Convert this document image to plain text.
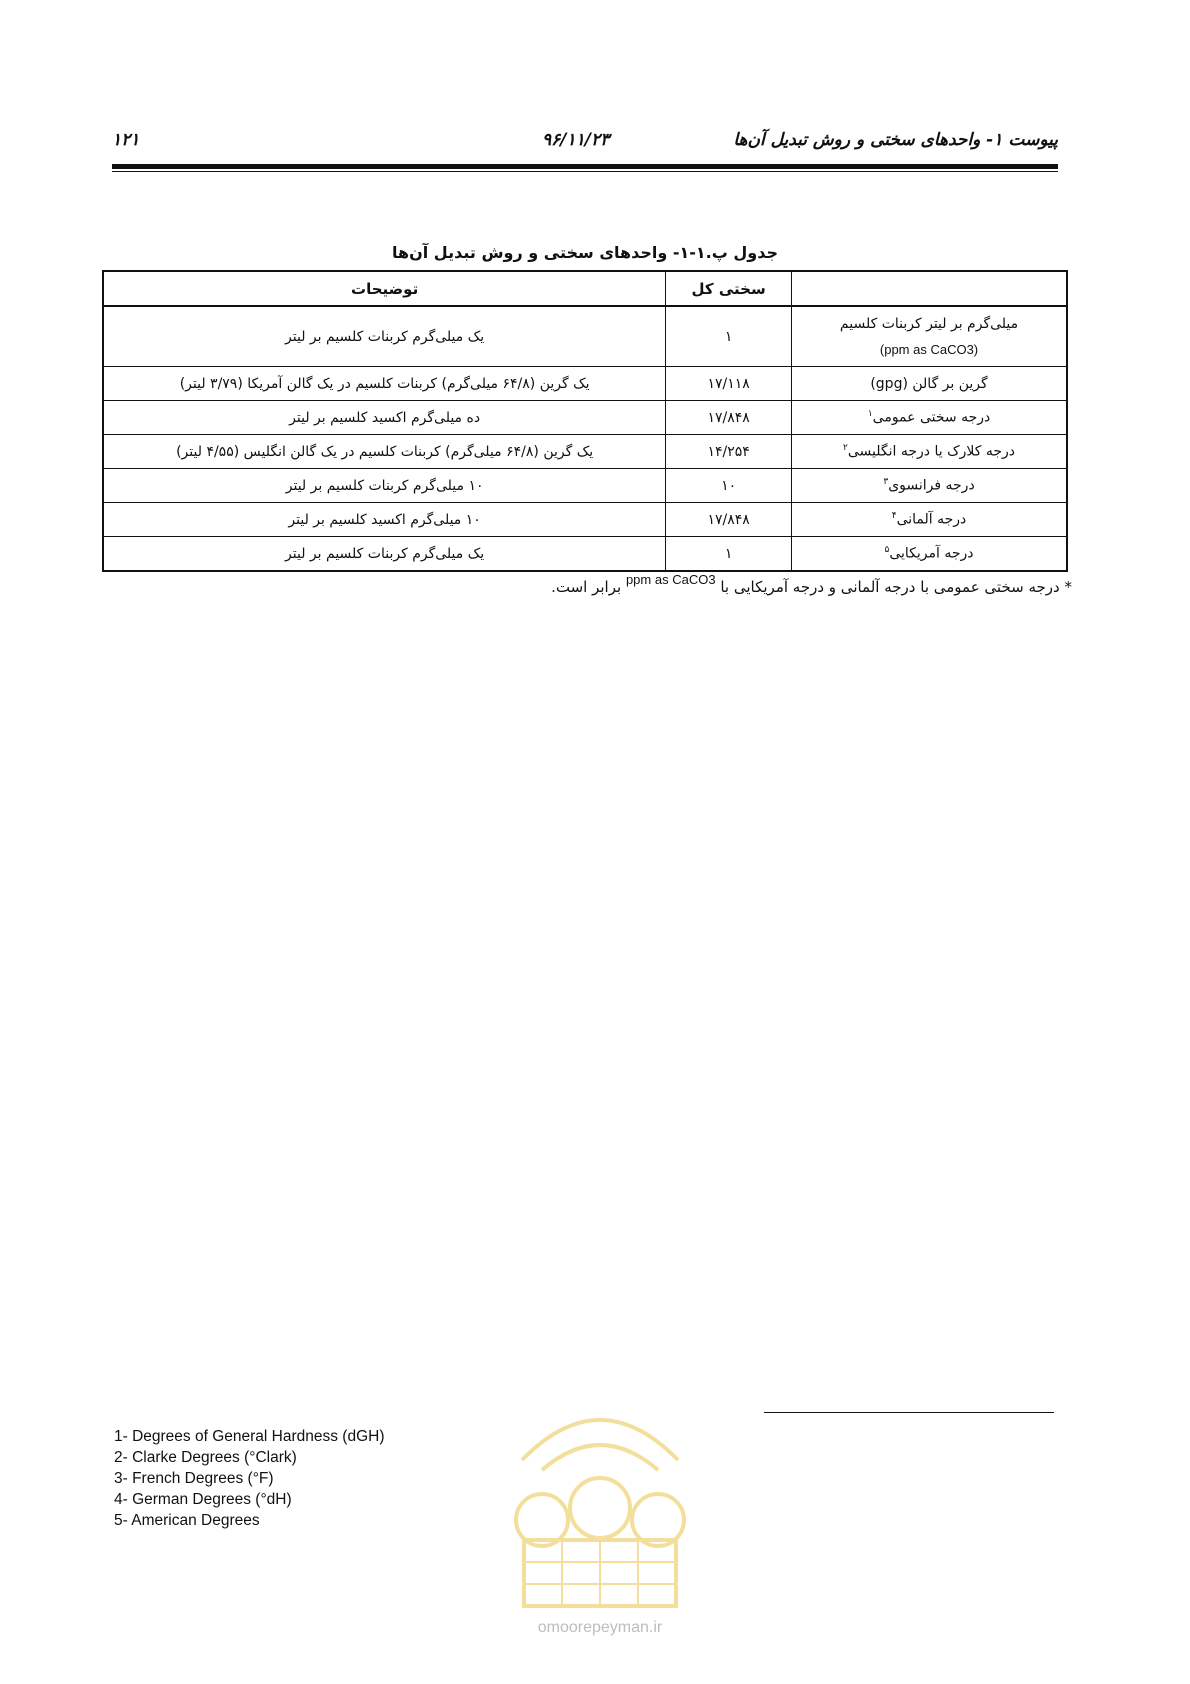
پیوست ۱- واحدهای سختی و روش تبدیل آن‌ها
۹۶/۱۱/۲۳
۱۲۱
جدول پ.۱-۱- واحدهای سختی و روش تبدیل آن‌ها
	سختی کل	توضیحات

میلی‌گرم بر لیتر کربنات کلسیم
(ppm as CaCO3)	۱	یک میلی‌گرم کربنات کلسیم بر لیتر
گرین بر گالن (gpg)	۱۷/۱۱۸	یک گرین (۶۴/۸ میلی‌گرم) کربنات کلسیم در یک گالن آمریکا (۳/۷۹ لیتر)
درجه سختی عمومی$^۱$	۱۷/۸۴۸	ده میلی‌گرم اکسید کلسیم بر لیتر
درجه کلارک یا درجه انگلیسی$^۲$	۱۴/۲۵۴	یک گرین (۶۴/۸ میلی‌گرم) کربنات کلسیم در یک گالن انگلیس (۴/۵۵ لیتر)
درجه فرانسوی$^۳$	۱۰	۱۰ میلی‌گرم کربنات کلسیم بر لیتر
درجه آلمانی$^۴$	۱۷/۸۴۸	۱۰ میلی‌گرم اکسید کلسیم بر لیتر
درجه آمریکایی$^۵$	۱	یک میلی‌گرم کربنات کلسیم بر لیتر
* درجه سختی عمومی با درجه آلمانی و درجه آمریکایی با ppm as CaCO3 برابر است.
1- Degrees of General Hardness (dGH)
2- Clarke Degrees (°Clark)
3- French Degrees (°F)
4- German Degrees (°dH)
5- American Degrees
omoorepeyman.ir
